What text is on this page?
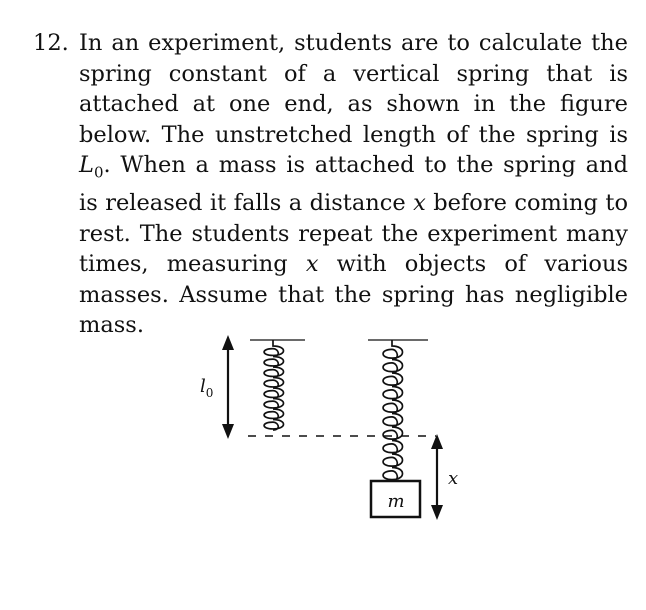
12. In an experiment, students are to calculate the spring constant of a vertical spring that is attached at one end, as shown in the figure below. The unstretched length of the spring is $L_0$. When a mass is attached to the spring and is released it falls a distance x before coming to rest. The students repeat the experiment many times, measuring x with objects of various masses. Assume that the spring has negligible mass.
$l_0$
m
x
